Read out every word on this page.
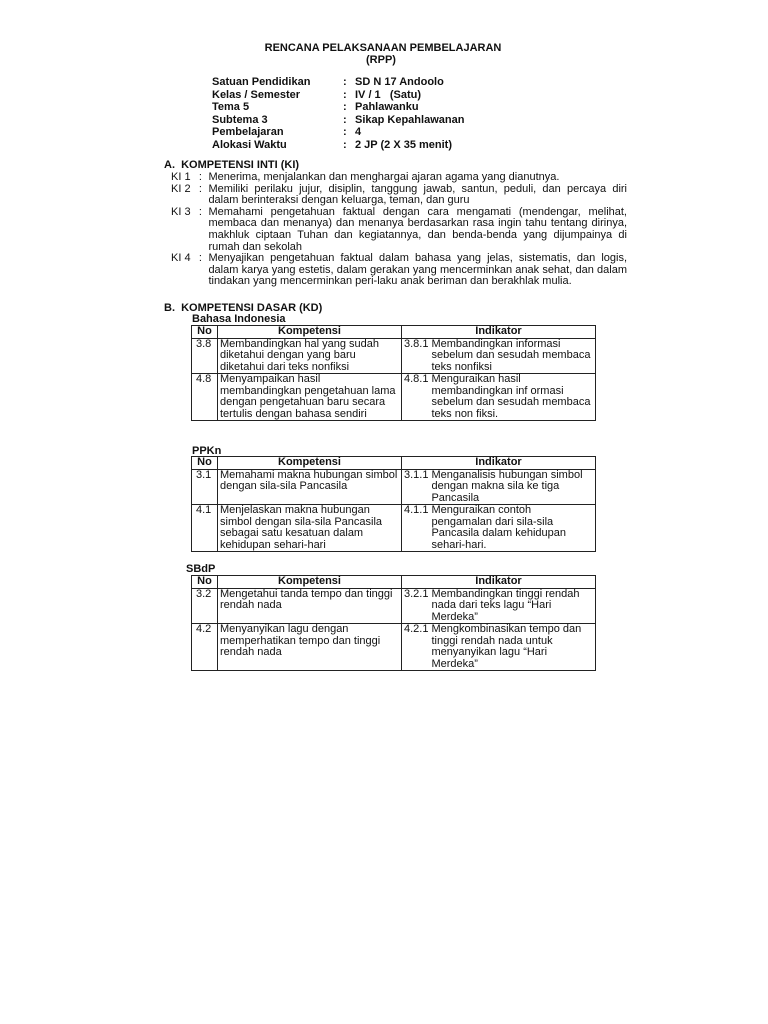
RENCANA PELAKSANAAN PEMBELAJARAN
(RPP)
Satuan Pendidikan	: SD N 17 Andoolo
Kelas / Semester	: IV / 1   (Satu)
Tema 5	: Pahlawanku
Subtema 3	: Sikap Kepahlawanan
Pembelajaran	: 4
Alokasi Waktu	: 2 JP (2 X 35 menit)
A.  KOMPETENSI INTI (KI)
KI 1 : Menerima, menjalankan dan menghargai ajaran agama yang dianutnya.
KI 2 : Memiliki perilaku jujur, disiplin, tanggung jawab, santun, peduli, dan percaya diri dalam berinteraksi dengan keluarga, teman, dan guru
KI 3 : Memahami pengetahuan faktual dengan cara mengamati (mendengar, melihat, membaca dan menanya) dan menanya berdasarkan rasa ingin tahu tentang dirinya, makhluk ciptaan Tuhan dan kegiatannya, dan benda-benda yang dijumpainya di rumah dan sekolah
KI 4 : Menyajikan pengetahuan faktual dalam bahasa yang jelas, sistematis, dan logis, dalam karya yang estetis, dalam gerakan yang mencerminkan anak sehat, dan dalam tindakan yang mencerminkan peri-laku anak beriman dan berakhlak mulia.
B.  KOMPETENSI DASAR (KD)
Bahasa Indonesia
No	Kompetensi	Indikator
3.8	Membandingkan hal yang sudah diketahui dengan yang baru diketahui dari teks nonfiksi	3.8.1 Membandingkan informasi sebelum dan sesudah membaca teks nonfiksi

4.8	Menyampaikan hasil membandingkan pengetahuan lama dengan pengetahuan baru secara tertulis dengan bahasa sendiri	4.8.1 Menguraikan hasil membandingkan inf ormasi sebelum dan sesudah membaca teks non fiksi.
PPKn
No	Kompetensi	Indikator
3.1	Memahami makna hubungan simbol dengan sila-sila Pancasila	3.1.1 Menganalisis hubungan simbol dengan makna sila ke tiga Pancasila

4.1	Menjelaskan makna hubungan simbol dengan sila-sila Pancasila sebagai satu kesatuan dalam kehidupan sehari-hari	4.1.1 Menguraikan contoh pengamalan dari sila-sila Pancasila dalam kehidupan sehari-hari.
SBdP
No	Kompetensi	Indikator
3.2	Mengetahui tanda tempo dan tinggi rendah nada	3.2.1 Membandingkan tinggi rendah nada dari teks lagu “Hari Merdeka”

4.2	Menyanyikan lagu dengan memperhatikan tempo dan tinggi rendah nada	4.2.1 Mengkombinasikan tempo dan tinggi rendah nada untuk menyanyikan lagu “Hari Merdeka”
